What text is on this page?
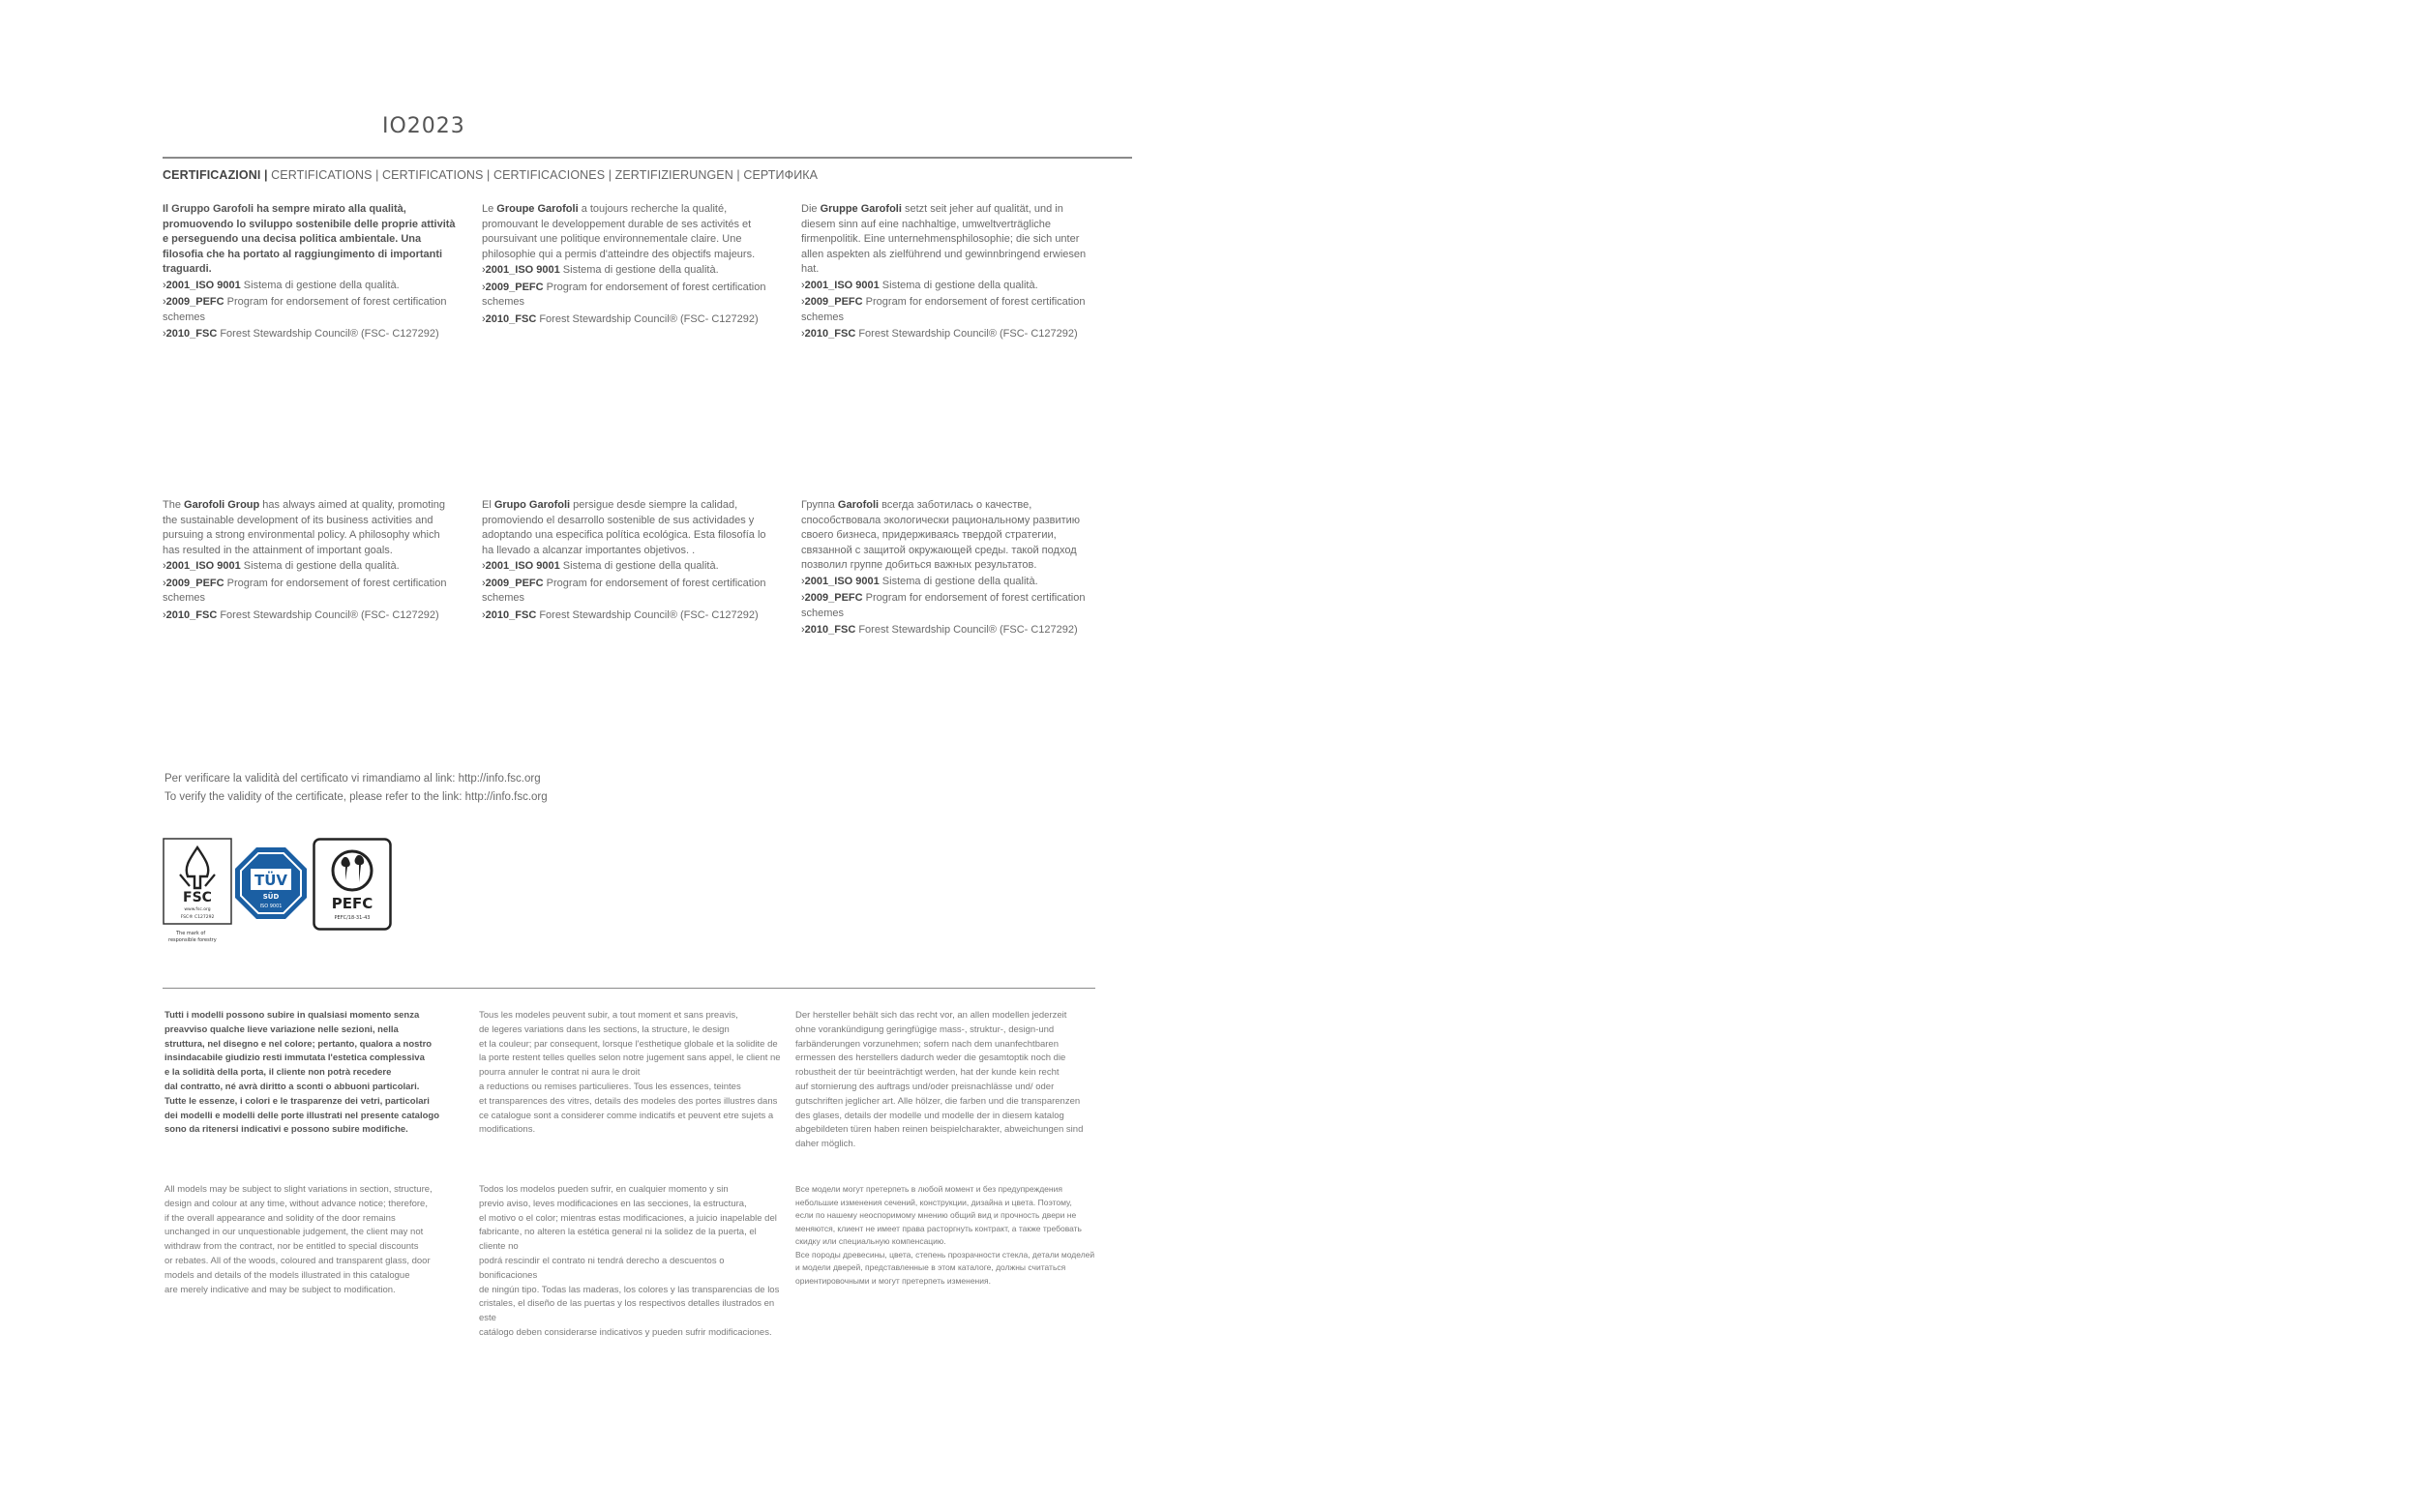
IO2023
CERTIFICAZIONI | CERTIFICATIONS | CERTIFICATIONS | CERTIFICACIONES | ZERTIFIZIERUNGEN | СЕРТИФИКА

Il Gruppo Garofoli ha sempre mirato alla qualità, promuovendo lo sviluppo sostenibile delle proprie attività e perseguendo una decisa politica ambientale. Una filosofia che ha portato al raggiungimento di importanti traguardi.

›2001_ISO 9001 Sistema di gestione della qualità.
›2009_PEFC Program for endorsement of forest certification schemes
›2010_FSC Forest Stewardship Council® (FSC- C127292)

Le Groupe Garofoli a toujours recherche la qualité, promouvant le developpement durable de ses activités et poursuivant une politique environnementale claire. Une philosophie qui a permis d'atteindre des objectifs majeurs.

›2001_ISO 9001 Sistema di gestione della qualità.
›2009_PEFC Program for endorsement of forest certification schemes
›2010_FSC Forest Stewardship Council® (FSC- C127292)

Die Gruppe Garofoli setzt seit jeher auf qualität, und in diesem sinn auf eine nachhaltige, umweltverträgliche firmenpolitik. Eine unternehmensphilosophie; die sich unter allen aspekten als zielführend und gewinnbringend erwiesen hat.

›2001_ISO 9001 Sistema di gestione della qualità.
›2009_PEFC Program for endorsement of forest certification schemes
›2010_FSC Forest Stewardship Council® (FSC- C127292)

The Garofoli Group has always aimed at quality, promoting the sustainable development of its business activities and pursuing a strong environmental policy. A philosophy which has resulted in the attainment of important goals.

›2001_ISO 9001 Sistema di gestione della qualità.
›2009_PEFC Program for endorsement of forest certification schemes
›2010_FSC Forest Stewardship Council® (FSC- C127292)

El Grupo Garofoli persigue desde siempre la calidad, promoviendo el desarrollo sostenible de sus actividades y adoptando una especifica política ecológica. Esta filosofía lo ha llevado a alcanzar importantes objetivos. .

›2001_ISO 9001 Sistema di gestione della qualità.
›2009_PEFC Program for endorsement of forest certification schemes
›2010_FSC Forest Stewardship Council® (FSC- C127292)

Группа Garofoli всегда заботилась о качестве, способствовала экологически рациональному развитию своего бизнеса, придерживаясь твердой стратегии, связанной с защитой окружающей среды. такой подход позволил группе добиться важных результатов.

›2001_ISO 9001 Sistema di gestione della qualità.
›2009_PEFC Program for endorsement of forest certification schemes
›2010_FSC Forest Stewardship Council® (FSC- C127292)
Per verificare la validità del certificato vi rimandiamo al link: http://info.fsc.org
To verify the validity of the certificate, please refer to the link: http://info.fsc.org
FSC
www.fsc.org
FSC® C127292
The mark of
responsible forestry
TÜV
SÜD
ISO 9001	PEFC
PEFC/18-31-43
Tutti i modelli possono subire in qualsiasi momento senza
preavviso qualche lieve variazione nelle sezioni, nella
struttura, nel disegno e nel colore; pertanto, qualora a nostro
insindacabile giudizio resti immutata l'estetica complessiva
e la solidità della porta, il cliente non potrà recedere
dal contratto, né avrà diritto a sconti o abbuoni particolari.
Tutte le essenze, i colori e le trasparenze dei vetri, particolari
dei modelli e modelli delle porte illustrati nel presente catalogo
sono da ritenersi indicativi e possono subire modifiche.
Tous les modeles peuvent subir, a tout moment et sans preavis,
de legeres variations dans les sections, la structure, le design
et la couleur; par consequent, lorsque l'esthetique globale et la solidite de
la porte restent telles quelles selon notre jugement sans appel, le client ne
pourra annuler le contrat ni aura le droit
a reductions ou remises particulieres. Tous les essences, teintes
et transparences des vitres, details des modeles des portes illustres dans
ce catalogue sont a considerer comme indicatifs et peuvent etre sujets a
modifications.
Der hersteller behält sich das recht vor, an allen modellen jederzeit
ohne vorankündigung geringfügige mass-, struktur-, design-und
farbänderungen vorzunehmen; sofern nach dem unanfechtbaren
ermessen des herstellers dadurch weder die gesamtoptik noch die
robustheit der tür beeinträchtigt werden, hat der kunde kein recht
auf stornierung des auftrags und/oder preisnachlässe und/ oder
gutschriften jeglicher art. Alle hölzer, die farben und die transparenzen
des glases, details der modelle und modelle der in diesem katalog
abgebildeten türen haben reinen beispielcharakter, abweichungen sind
daher möglich.
All models may be subject to slight variations in section, structure,
design and colour at any time, without advance notice; therefore,
if the overall appearance and solidity of the door remains
unchanged in our unquestionable judgement, the client may not
withdraw from the contract, nor be entitled to special discounts
or rebates. All of the woods, coloured and transparent glass, door
models and details of the models illustrated in this catalogue
are merely indicative and may be subject to modification.
Todos los modelos pueden sufrir, en cualquier momento y sin
previo aviso, leves modificaciones en las secciones, la estructura,
el motivo o el color; mientras estas modificaciones, a juicio inapelable del
fabricante, no alteren la estética general ni la solidez de la puerta, el cliente no
podrá rescindir el contrato ni tendrá derecho a descuentos o bonificaciones
de ningún tipo. Todas las maderas, los colores y las transparencias de los
cristales, el diseño de las puertas y los respectivos detalles ilustrados en este
catálogo deben considerarse indicativos y pueden sufrir modificaciones.
Все модели могут претерпеть в любой момент и без предупреждения
небольшие изменения сечений, конструкции, дизайна и цвета. Поэтому,
если по нашему неоспоримому мнению общий вид и прочность двери не
меняются, клиент не имеет права расторгнуть контракт, а также требовать
скидку или специальную компенсацию.
Все породы древесины, цвета, степень прозрачности стекла, детали моделей
и модели дверей, представленные в этом каталоге, должны считаться
ориентировочными и могут претерпеть изменения.
